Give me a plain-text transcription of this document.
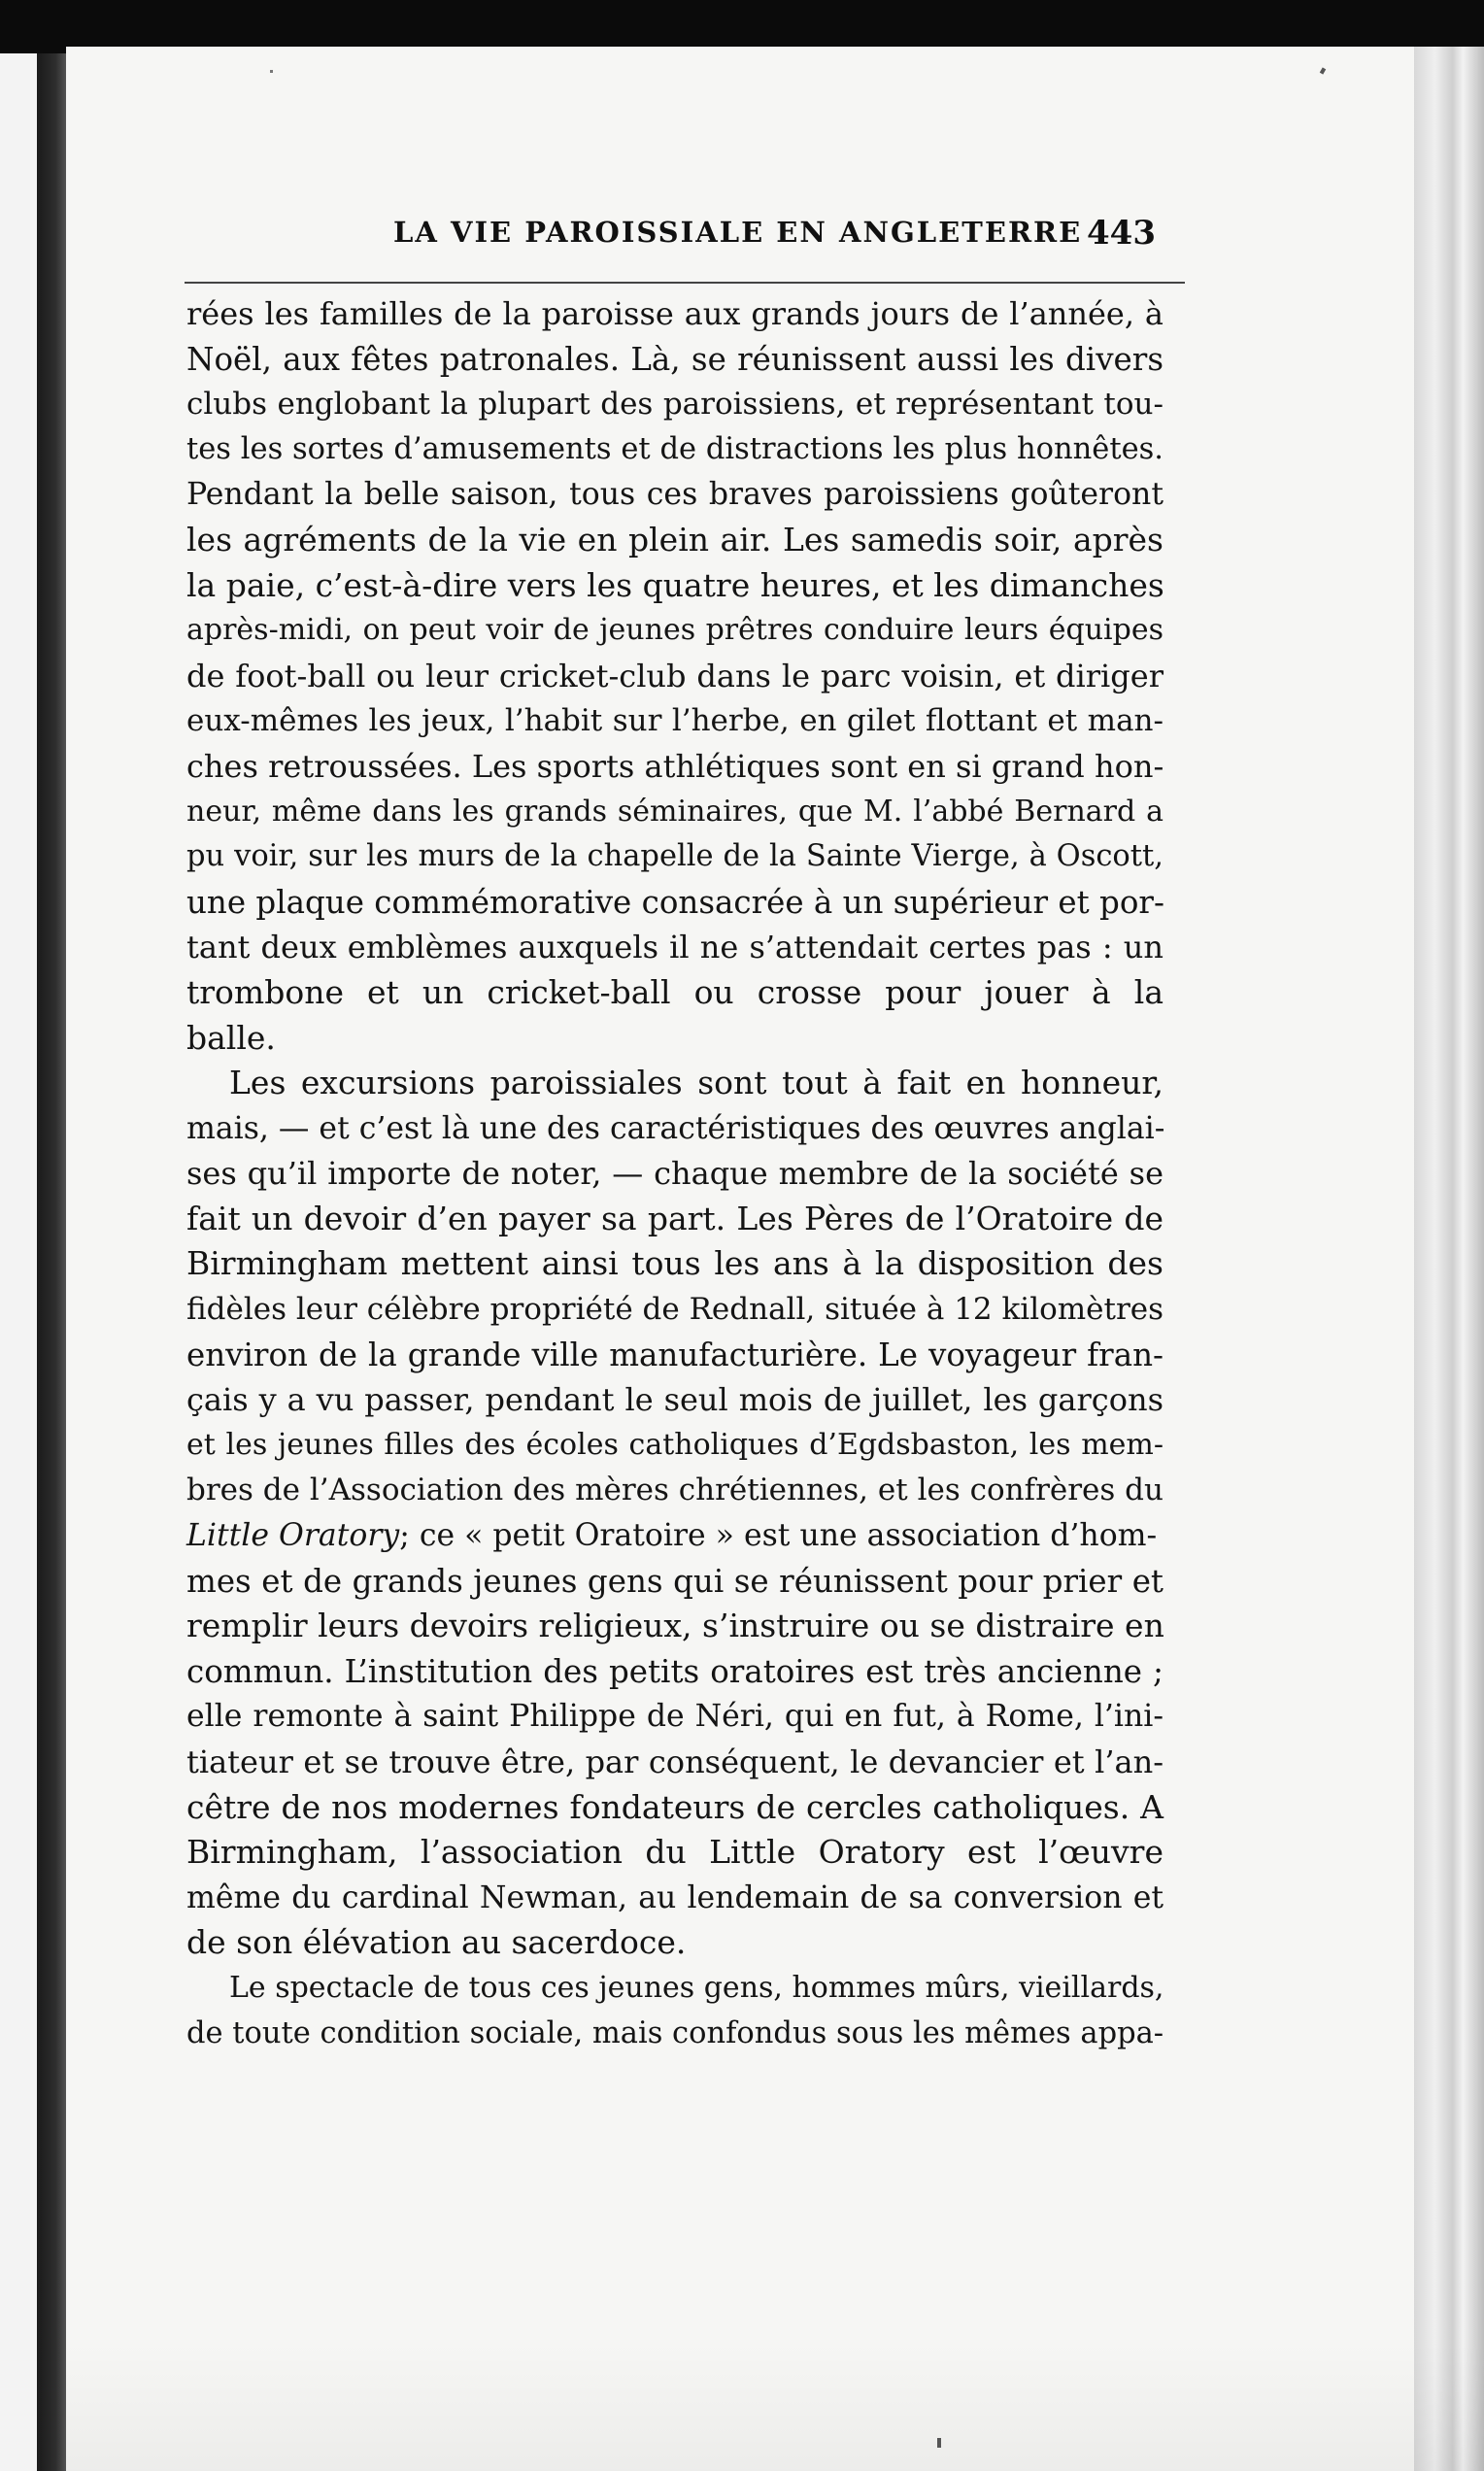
LA VIE PAROISSIALE EN ANGLETERRE 443
rées les familles de la paroisse aux grands jours de l’année, à
Noël, aux fêtes patronales. Là, se réunissent aussi les divers
clubs englobant la plupart des paroissiens, et représentant tou-
tes les sortes d’amusements et de distractions les plus honnêtes.
Pendant la belle saison, tous ces braves paroissiens goûteront
les agréments de la vie en plein air. Les samedis soir, après
la paie, c’est-à-dire vers les quatre heures, et les dimanches
après-midi, on peut voir de jeunes prêtres conduire leurs équipes
de foot-ball ou leur cricket-club dans le parc voisin, et diriger
eux-mêmes les jeux, l’habit sur l’herbe, en gilet flottant et man-
ches retroussées. Les sports athlétiques sont en si grand hon-
neur, même dans les grands séminaires, que M. l’abbé Bernard a
pu voir, sur les murs de la chapelle de la Sainte Vierge, à Oscott,
une plaque commémorative consacrée à un supérieur et por-
tant deux emblèmes auxquels il ne s’attendait certes pas : un
trombone et un cricket-ball ou crosse pour jouer à la
balle.
Les excursions paroissiales sont tout à fait en honneur,
mais, — et c’est là une des caractéristiques des œuvres anglai-
ses qu’il importe de noter, — chaque membre de la société se
fait un devoir d’en payer sa part. Les Pères de l’Oratoire de
Birmingham mettent ainsi tous les ans à la disposition des
fidèles leur célèbre propriété de Rednall, située à 12 kilomètres
environ de la grande ville manufacturière. Le voyageur fran-
çais y a vu passer, pendant le seul mois de juillet, les garçons
et les jeunes filles des écoles catholiques d’Egdsbaston, les mem-
bres de l’Association des mères chrétiennes, et les confrères du
Little Oratory; ce « petit Oratoire » est une association d’hom-
mes et de grands jeunes gens qui se réunissent pour prier et
remplir leurs devoirs religieux, s’instruire ou se distraire en
commun. L’institution des petits oratoires est très ancienne ;
elle remonte à saint Philippe de Néri, qui en fut, à Rome, l’ini-
tiateur et se trouve être, par conséquent, le devancier et l’an-
cêtre de nos modernes fondateurs de cercles catholiques. A
Birmingham, l’association du Little Oratory est l’œuvre
même du cardinal Newman, au lendemain de sa conversion et
de son élévation au sacerdoce.
Le spectacle de tous ces jeunes gens, hommes mûrs, vieillards,
de toute condition sociale, mais confondus sous les mêmes appa-
